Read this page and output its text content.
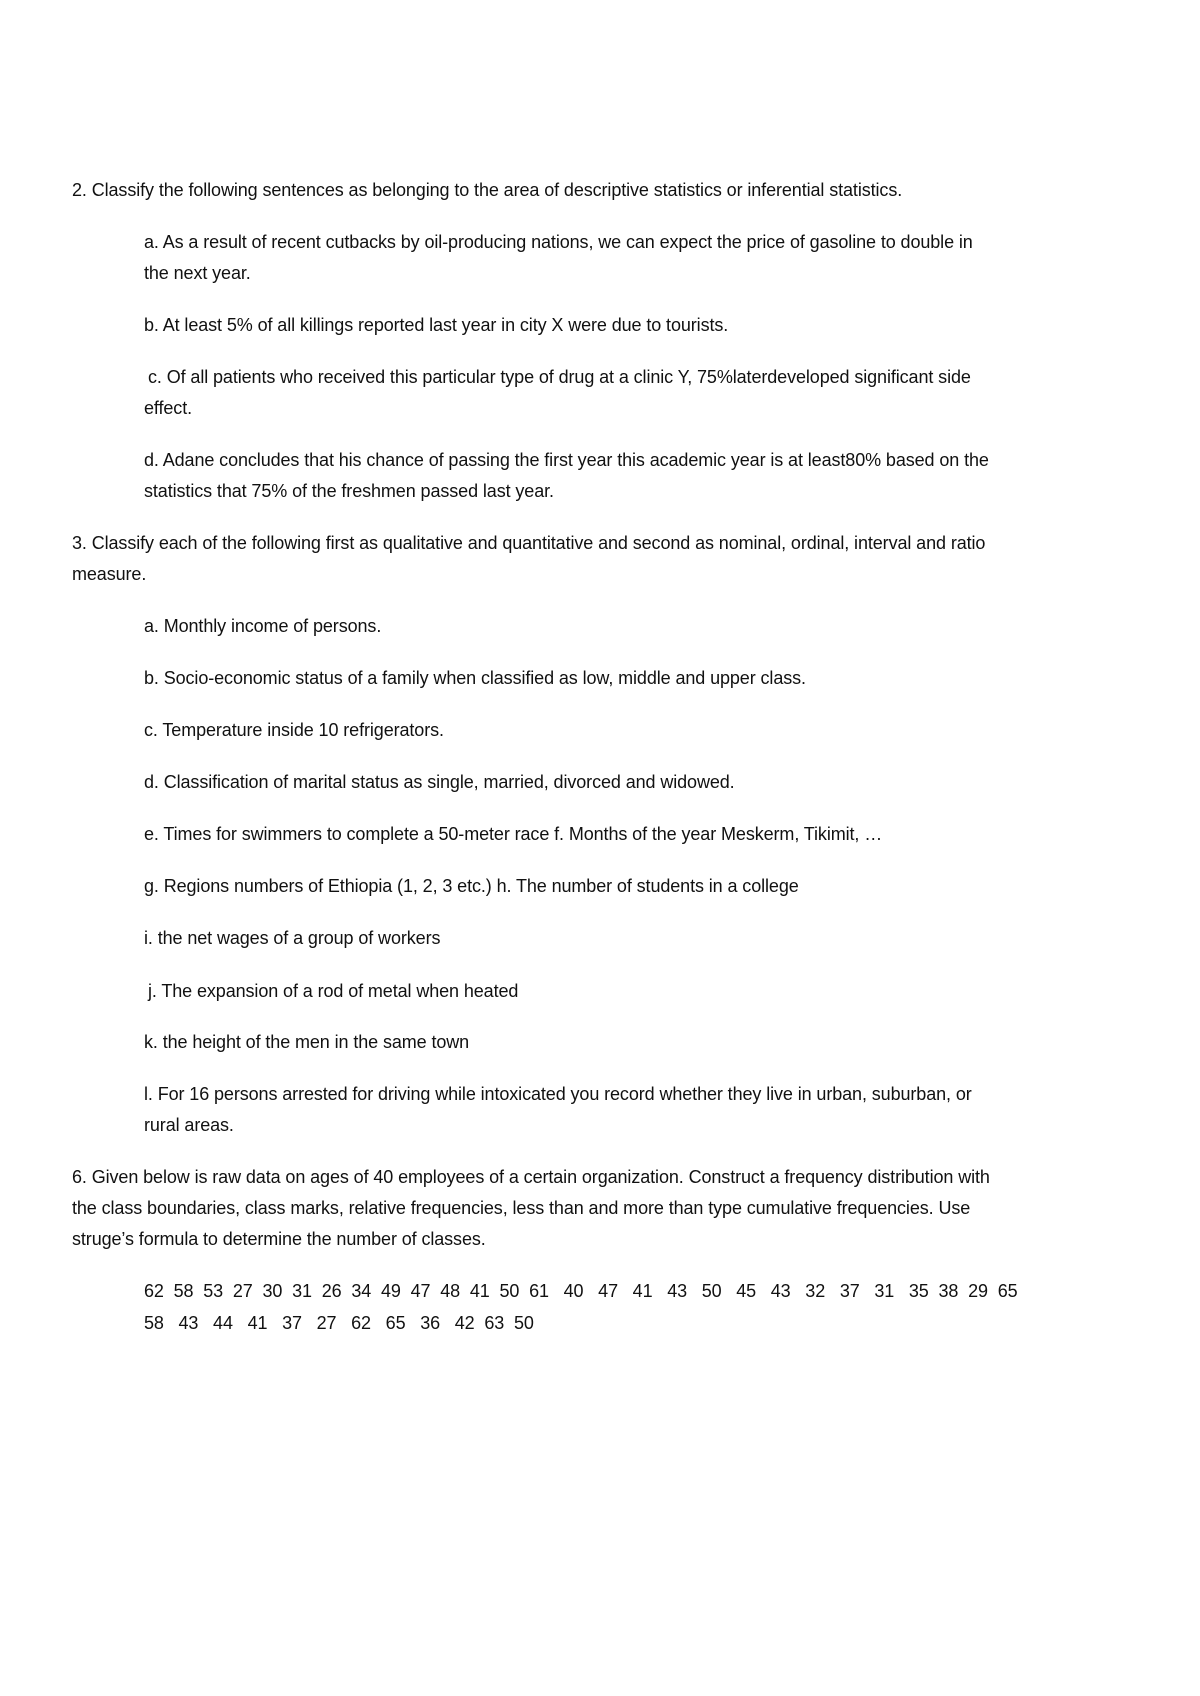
2. Classify the following sentences as belonging to the area of descriptive statistics or inferential statistics.
a. As a result of recent cutbacks by oil-producing nations, we can expect the price of gasoline to double in
the next year.
b. At least 5% of all killings reported last year in city X were due to tourists.
c. Of all patients who received this particular type of drug at a clinic Y, 75%laterdeveloped significant side
effect.
d. Adane concludes that his chance of passing the first year this academic year is at least80% based on the
statistics that 75% of the freshmen passed last year.
3. Classify each of the following first as qualitative and quantitative and second as nominal, ordinal, interval and ratio
measure.
a. Monthly income of persons.
b. Socio-economic status of a family when classified as low, middle and upper class.
c. Temperature inside 10 refrigerators.
d. Classification of marital status as single, married, divorced and widowed.
e. Times for swimmers to complete a 50-meter race f. Months of the year Meskerm, Tikimit, …
g. Regions numbers of Ethiopia (1, 2, 3 etc.) h. The number of students in a college
i. the net wages of a group of workers
j. The expansion of a rod of metal when heated
k. the height of the men in the same town
l. For 16 persons arrested for driving while intoxicated you record whether they live in urban, suburban, or
rural areas.
6. Given below is raw data on ages of 40 employees of a certain organization. Construct a frequency distribution with
the class boundaries, class marks, relative frequencies, less than and more than type cumulative frequencies. Use
struge’s formula to determine the number of classes.
62  58  53  27  30  31  26  34  49  47  48  41  50  61   40   47   41   43   50   45   43   32   37   31   35  38  29  65
58   43   44   41   37   27   62   65   36   42  63  50
